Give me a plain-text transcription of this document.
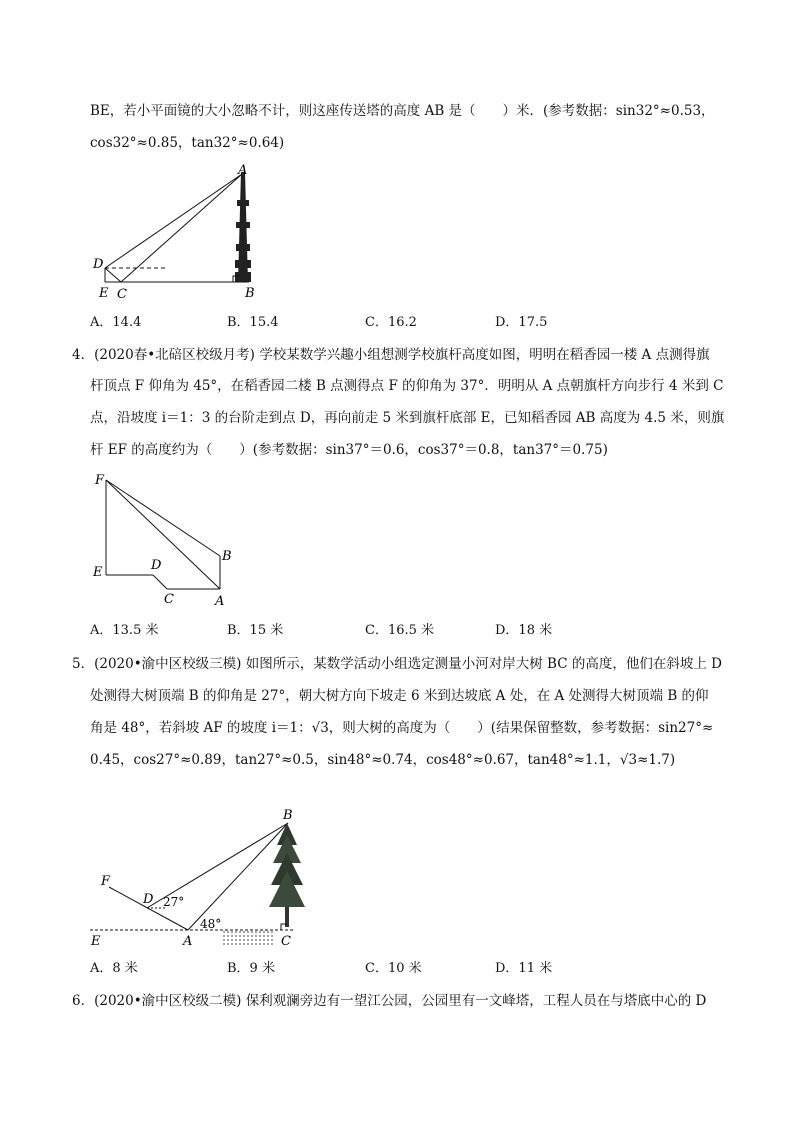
BE，若小平面镜的大小忽略不计，则这座传送塔的高度 AB 是（　　）米．(参考数据：sin32°≈0.53，
cos32°≈0.85，tan32°≈0.64)
A
B
C
D
E
A．14.4	B．15.4	C．16.2	D．17.5
4．(2020春•北碚区校级月考) 学校某数学兴趣小组想测学校旗杆高度如图，明明在稻香园一楼 A 点测得旗
杆顶点 F 仰角为 45°，在稻香园二楼 B 点测得点 F 的仰角为 37°．明明从 A 点朝旗杆方向步行 4 米到 C
点，沿坡度 i＝1：3 的台阶走到点 D，再向前走 5 米到旗杆底部 E，已知稻香园 AB 高度为 4.5 米，则旗
杆 EF 的高度约为（　　）(参考数据：sin37°＝0.6，cos37°＝0.8，tan37°＝0.75)
F
E	D
C	A
B
A．13.5 米	B．15 米	C．16.5 米	D．18 米
5．(2020•渝中区校级三模) 如图所示，某数学活动小组选定测量小河对岸大树 BC 的高度，他们在斜坡上 D
处测得大树顶端 B 的仰角是 27°，朝大树方向下坡走 6 米到达坡底 A 处，在 A 处测得大树顶端 B 的仰
角是 48°，若斜坡 AF 的坡度 i＝1：√3，则大树的高度为（　　）(结果保留整数，参考数据：sin27°≈
0.45，cos27°≈0.89，tan27°≈0.5，sin48°≈0.74，cos48°≈0.67，tan48°≈1.1，√3≈1.7)
B
F
D 27°
48°
E	A	C
A．8 米	B．9 米	C．10 米	D．11 米
6．(2020•渝中区校级二模) 保利观澜旁边有一望江公园，公园里有一文峰塔，工程人员在与塔底中心的 D
